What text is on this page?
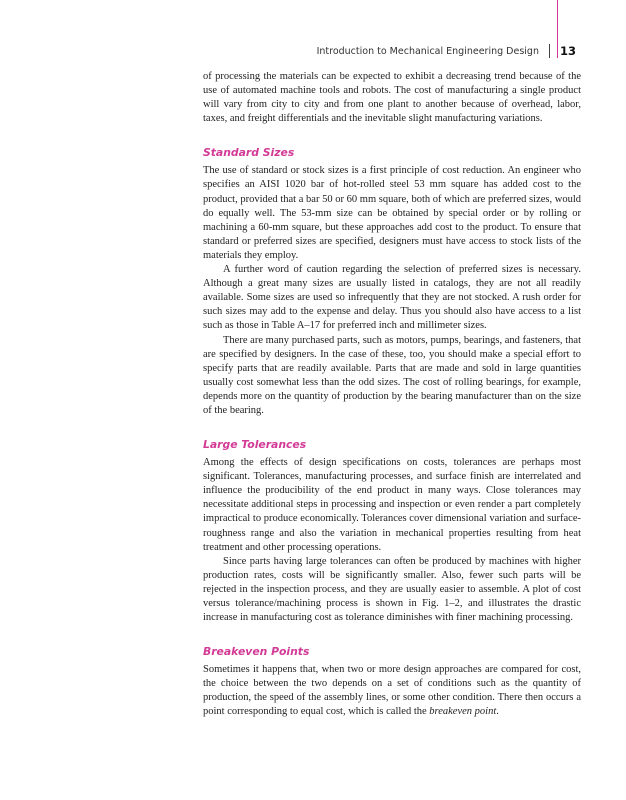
Introduction to Mechanical Engineering Design 13

of processing the materials can be expected to exhibit a decreasing trend because of the use of automated machine tools and robots. The cost of manufacturing a single product will vary from city to city and from one plant to another because of overhead, labor, taxes, and freight differentials and the inevitable slight manufacturing variations.

Standard Sizes

The use of standard or stock sizes is a first principle of cost reduction. An engineer who specifies an AISI 1020 bar of hot-rolled steel 53 mm square has added cost to the product, provided that a bar 50 or 60 mm square, both of which are preferred sizes, would do equally well. The 53-mm size can be obtained by special order or by rolling or machining a 60-mm square, but these approaches add cost to the product. To ensure that standard or preferred sizes are specified, designers must have access to stock lists of the materials they employ.

A further word of caution regarding the selection of preferred sizes is necessary. Although a great many sizes are usually listed in catalogs, they are not all readily available. Some sizes are used so infrequently that they are not stocked. A rush order for such sizes may add to the expense and delay. Thus you should also have access to a list such as those in Table A–17 for preferred inch and millimeter sizes.

There are many purchased parts, such as motors, pumps, bearings, and fasteners, that are specified by designers. In the case of these, too, you should make a special effort to specify parts that are readily available. Parts that are made and sold in large quantities usually cost somewhat less than the odd sizes. The cost of rolling bearings, for example, depends more on the quantity of production by the bearing manufacturer than on the size of the bearing.

Large Tolerances

Among the effects of design specifications on costs, tolerances are perhaps most significant. Tolerances, manufacturing processes, and surface finish are interrelated and influence the producibility of the end product in many ways. Close tolerances may necessitate additional steps in processing and inspection or even render a part completely impractical to produce economically. Tolerances cover dimensional variation and surface-roughness range and also the variation in mechanical properties resulting from heat treatment and other processing operations.

Since parts having large tolerances can often be produced by machines with higher production rates, costs will be significantly smaller. Also, fewer such parts will be rejected in the inspection process, and they are usually easier to assemble. A plot of cost versus tolerance/machining process is shown in Fig. 1–2, and illustrates the drastic increase in manufacturing cost as tolerance diminishes with finer machining processing.

Breakeven Points

Sometimes it happens that, when two or more design approaches are compared for cost, the choice between the two depends on a set of conditions such as the quantity of production, the speed of the assembly lines, or some other condition. There then occurs a point corresponding to equal cost, which is called the breakeven point.
